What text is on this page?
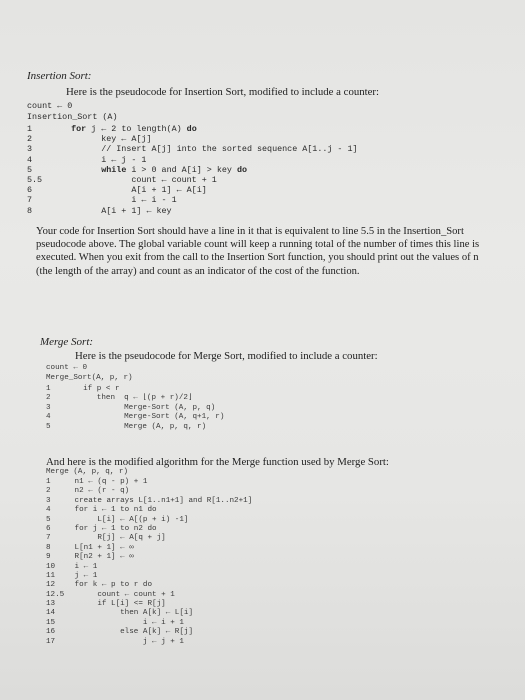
Insertion Sort:
Here is the pseudocode for Insertion Sort, modified to include a counter:
count ← 0
Insertion_Sort (A)
1	for j ← 2 to length(A) do
2	key ← A[j]
3	// Insert A[j] into the sorted sequence A[1..j - 1]
4	i ← j - 1
5	while i > 0 and A[i] > key do
5.5	count ← count + 1
6	A[i + 1] ← A[i]
7	i ← i - 1
8	A[i + 1] ← key
Your code for Insertion Sort should have a line in it that is equivalent to line 5.5 in the Insertion_Sort pseudocode above. The global variable count will keep a running total of the number of times this line is executed. When you exit from the call to the Insertion Sort function, you should print out the values of n (the length of the array) and count as an indicator of the cost of the function.
Merge Sort:
Here is the pseudocode for Merge Sort, modified to include a counter:
count ← 0
Merge_Sort(A, p, r)
1	if p < r
2	then  q ← ⌊(p + r)/2⌋
3	Merge-Sort (A, p, q)
4	Merge-Sort (A, q+1, r)
5	Merge (A, p, q, r)
And here is the modified algorithm for the Merge function used by Merge Sort:
Merge (A, p, q, r)
1	n1 ← (q - p) + 1
2	n2 ← (r - q)
3	create arrays L[1..n1+1] and R[1..n2+1]
4	for i ← 1 to n1 do
5	L[i] ← A[(p + i) -1]
6	for j ← 1 to n2 do
7	R[j] ← A[q + j]
8	L[n1 + 1] ← ∞
9	R[n2 + 1] ← ∞
10	i ← 1
11	j ← 1
12	for k ← p to r do
12.5 count ← count + 1
13	if L[i] <= R[j]
14	then A[k] ← L[i]
15	i ← i + 1
16	else A[k] ← R[j]
17	j ← j + 1
